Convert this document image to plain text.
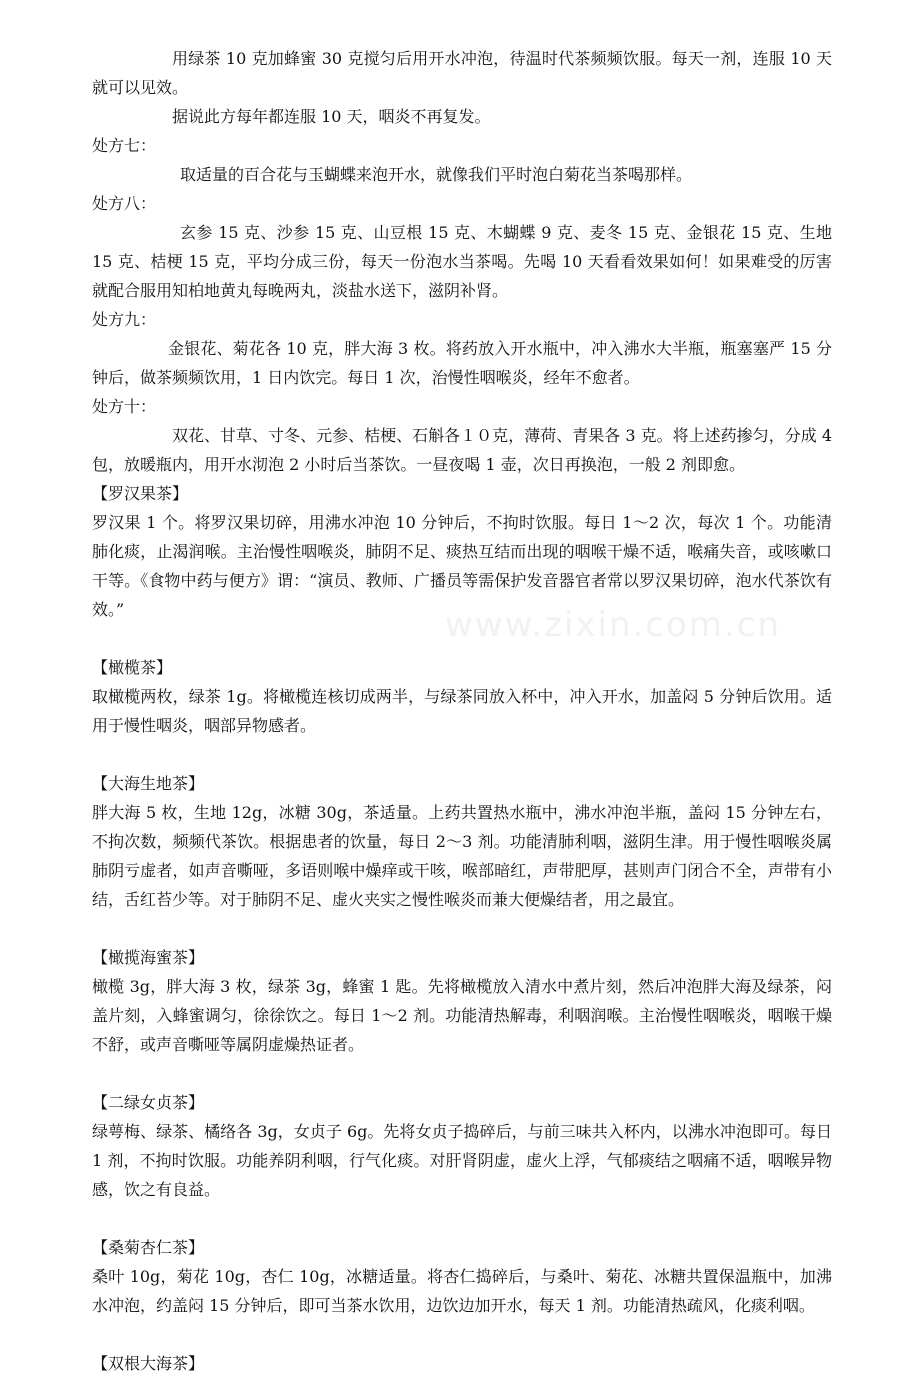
用绿茶 10 克加蜂蜜 30 克搅匀后用开水冲泡，待温时代茶频频饮服。每天一剂，连服 10 天就可以见效。

据说此方每年都连服 10 天，咽炎不再复发。

处方七：

取适量的百合花与玉蝴蝶来泡开水，就像我们平时泡白菊花当茶喝那样。

处方八：

玄参 15 克、沙参 15 克、山豆根 15 克、木蝴蝶 9 克、麦冬 15 克、金银花 15 克、生地 15 克、桔梗 15 克，平均分成三份，每天一份泡水当茶喝。先喝 10 天看看效果如何！如果难受的厉害就配合服用知柏地黄丸每晚两丸，淡盐水送下，滋阴补肾。

处方九：

金银花、菊花各 10 克，胖大海 3 枚。将药放入开水瓶中，冲入沸水大半瓶，瓶塞塞严 15 分钟后，做茶频频饮用，1 日内饮完。每日 1 次，治慢性咽喉炎，经年不愈者。

处方十：

双花、甘草、寸冬、元参、桔梗、石斛各１０克，薄荷、青果各 3 克。将上述药掺匀，分成 4 包，放暖瓶内，用开水沏泡 2 小时后当茶饮。一昼夜喝 1 壶，次日再换泡，一般 2 剂即愈。

【罗汉果茶】

罗汉果 1 个。将罗汉果切碎，用沸水冲泡 10 分钟后，不拘时饮服。每日 1～2 次，每次 1 个。功能清肺化痰，止渴润喉。主治慢性咽喉炎，肺阴不足、痰热互结而出现的咽喉干燥不适，喉痛失音，或咳嗽口干等。《食物中药与便方》谓：“演员、教师、广播员等需保护发音器官者常以罗汉果切碎，泡水代茶饮有效。”

【橄榄茶】

取橄榄两枚，绿茶 1g。将橄榄连核切成两半，与绿茶同放入杯中，冲入开水，加盖闷 5 分钟后饮用。适用于慢性咽炎，咽部异物感者。

【大海生地茶】

胖大海 5 枚，生地 12g，冰糖 30g，茶适量。上药共置热水瓶中，沸水冲泡半瓶，盖闷 15 分钟左右，不拘次数，频频代茶饮。根据患者的饮量，每日 2～3 剂。功能清肺利咽，滋阴生津。用于慢性咽喉炎属肺阴亏虚者，如声音嘶哑，多语则喉中燥痒或干咳，喉部暗红，声带肥厚，甚则声门闭合不全，声带有小结，舌红苔少等。对于肺阴不足、虚火夹实之慢性喉炎而兼大便燥结者，用之最宜。

【橄揽海蜜茶】

橄榄 3g，胖大海 3 枚，绿茶 3g，蜂蜜 1 匙。先将橄榄放入清水中煮片刻，然后冲泡胖大海及绿茶，闷盖片刻，入蜂蜜调匀，徐徐饮之。每日 1～2 剂。功能清热解毒，利咽润喉。主治慢性咽喉炎，咽喉干燥不舒，或声音嘶哑等属阴虚燥热证者。

【二绿女贞茶】

绿萼梅、绿茶、橘络各 3g，女贞子 6g。先将女贞子捣碎后，与前三味共入杯内，以沸水冲泡即可。每日 1 剂，不拘时饮服。功能养阴利咽，行气化痰。对肝肾阴虚，虚火上浮，气郁痰结之咽痛不适，咽喉异物感，饮之有良益。

【桑菊杏仁茶】

桑叶 10g，菊花 10g，杏仁 10g，冰糖适量。将杏仁捣碎后，与桑叶、菊花、冰糖共置保温瓶中，加沸水冲泡，约盖闷 15 分钟后，即可当茶水饮用，边饮边加开水，每天 1 剂。功能清热疏风，化痰利咽。

【双根大海茶】

www.zixin.com.cn
